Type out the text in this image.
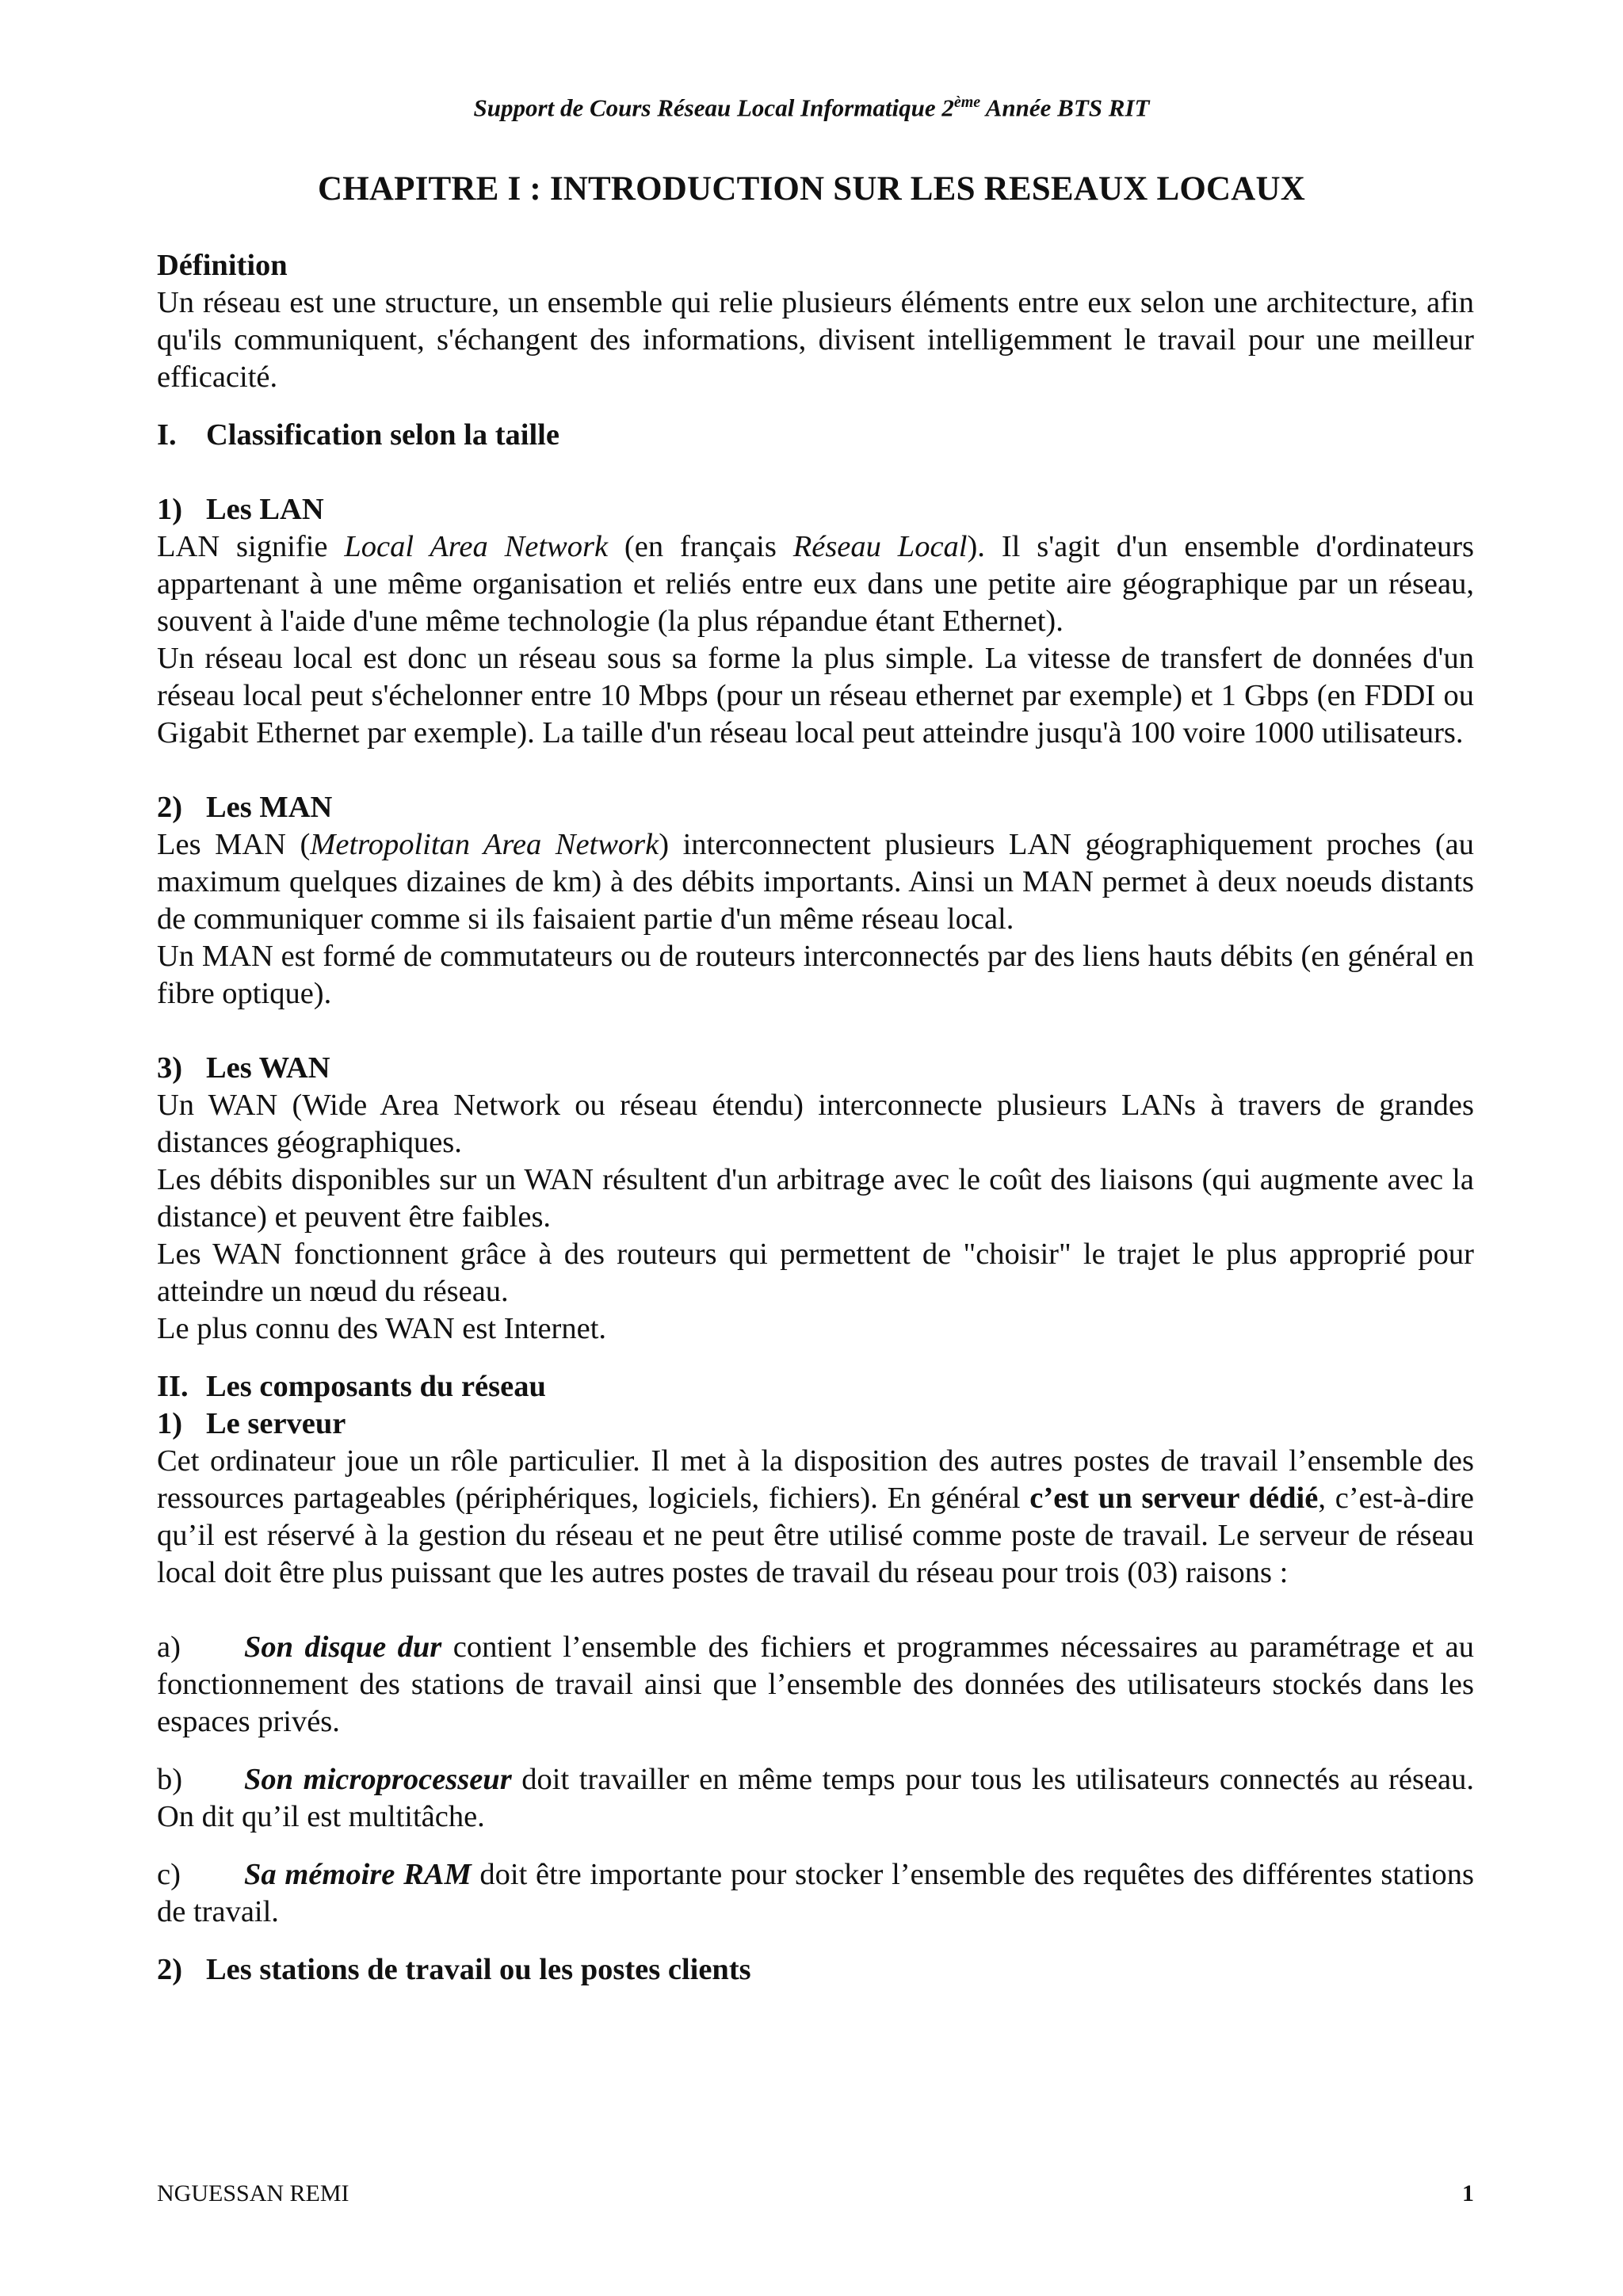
Support de Cours Réseau Local Informatique 2ème Année BTS RIT
CHAPITRE I : INTRODUCTION SUR LES RESEAUX LOCAUX

Définition

Un réseau est une structure, un ensemble qui relie plusieurs éléments entre eux selon une architecture, afin qu'ils communiquent, s'échangent des informations, divisent intelligemment le travail pour une meilleur efficacité.

I. Classification selon la taille

1) Les LAN

LAN signifie Local Area Network (en français Réseau Local). Il s'agit d'un ensemble d'ordinateurs appartenant à une même organisation et reliés entre eux dans une petite aire géographique par un réseau, souvent à l'aide d'une même technologie (la plus répandue étant Ethernet).

Un réseau local est donc un réseau sous sa forme la plus simple. La vitesse de transfert de données d'un réseau local peut s'échelonner entre 10 Mbps (pour un réseau ethernet par exemple) et 1 Gbps (en FDDI ou Gigabit Ethernet par exemple). La taille d'un réseau local peut atteindre jusqu'à 100 voire 1000 utilisateurs.

2) Les MAN

Les MAN (Metropolitan Area Network) interconnectent plusieurs LAN géographiquement proches (au maximum quelques dizaines de km) à des débits importants. Ainsi un MAN permet à deux noeuds distants de communiquer comme si ils faisaient partie d'un même réseau local.

Un MAN est formé de commutateurs ou de routeurs interconnectés par des liens hauts débits (en général en fibre optique).

3) Les WAN

Un WAN (Wide Area Network ou réseau étendu) interconnecte plusieurs LANs à travers de grandes distances géographiques.

Les débits disponibles sur un WAN résultent d'un arbitrage avec le coût des liaisons (qui augmente avec la distance) et peuvent être faibles.

Les WAN fonctionnent grâce à des routeurs qui permettent de "choisir" le trajet le plus approprié pour atteindre un nœud du réseau.

Le plus connu des WAN est Internet.

II. Les composants du réseau

1) Le serveur

Cet ordinateur joue un rôle particulier. Il met à la disposition des autres postes de travail l’ensemble des ressources partageables (périphériques, logiciels, fichiers). En général c’est un serveur dédié, c’est-à-dire qu’il est réservé à la gestion du réseau et ne peut être utilisé comme poste de travail. Le serveur de réseau local doit être plus puissant que les autres postes de travail du réseau pour trois (03) raisons :

a) Son disque dur contient l’ensemble des fichiers et programmes nécessaires au paramétrage et au fonctionnement des stations de travail ainsi que l’ensemble des données des utilisateurs stockés dans les espaces privés.

b) Son microprocesseur doit travailler en même temps pour tous les utilisateurs connectés au réseau. On dit qu’il est multitâche.

c) Sa mémoire RAM doit être importante pour stocker l’ensemble des requêtes des différentes stations de travail.

2) Les stations de travail ou les postes clients

NGUESSAN REMI	1
